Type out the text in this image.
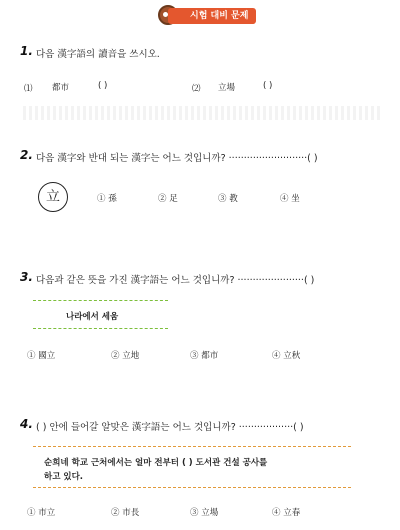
시험 대비 문제
1. 다음 漢字語의 讀音을 쓰시오.
⑴ 都市	( )	⑵ 立場	( )
2. 다음 漢字와 반대 되는 漢字는 어느 것입니까? ··························( )
立	① 孫	② 足	③ 教	④ 坐
3. 다음과 같은 뜻을 가진 漢字語는 어느 것입니까? ······················( )
나라에서 세움
① 國立	② 立地	③ 都市	④ 立秋
4. ( ) 안에 들어갈 알맞은 漢字語는 어느 것입니까? ··················( )
순희네 학교 근처에서는 얼마 전부터 ( ) 도서관 건설 공사를
하고 있다.
① 市立	② 市長	③ 立場	④ 立春
